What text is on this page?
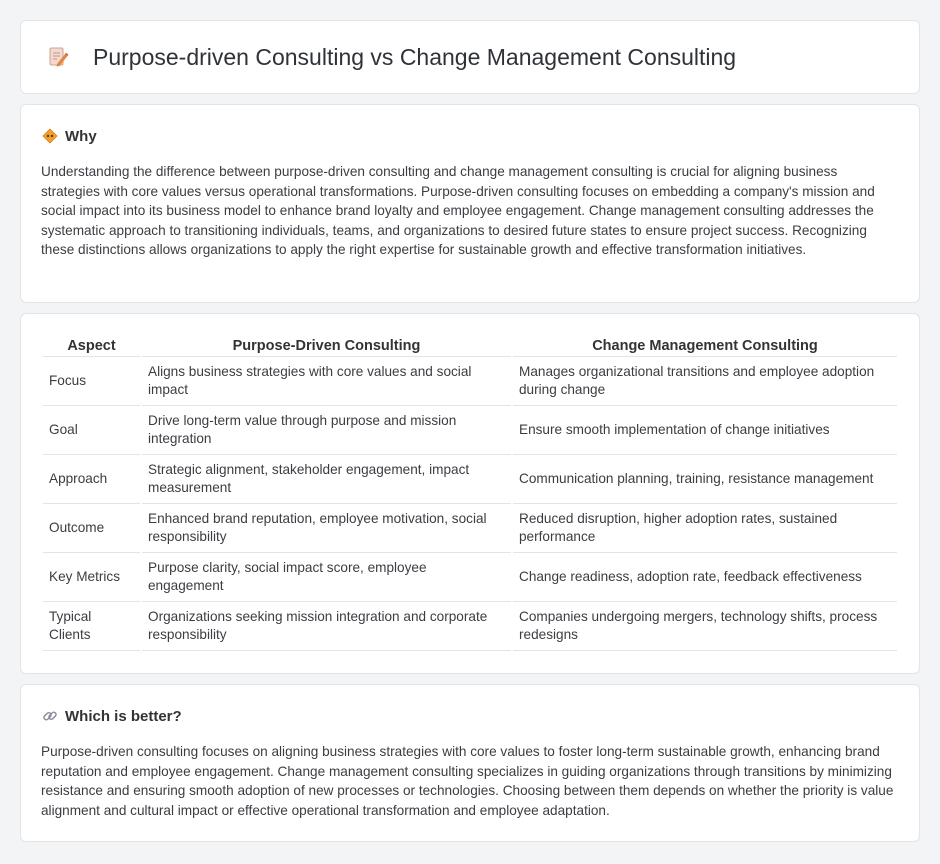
Purpose-driven Consulting vs Change Management Consulting
Why

Understanding the difference between purpose-driven consulting and change management consulting is crucial for aligning business strategies with core values versus operational transformations. Purpose-driven consulting focuses on embedding a company's mission and social impact into its business model to enhance brand loyalty and employee engagement. Change management consulting addresses the systematic approach to transitioning individuals, teams, and organizations to desired future states to ensure project success. Recognizing these distinctions allows organizations to apply the right expertise for sustainable growth and effective transformation initiatives.

Aspect	Purpose-Driven Consulting	Change Management Consulting
Focus	Aligns business strategies with core values and social impact	Manages organizational transitions and employee adoption during change
Goal	Drive long-term value through purpose and mission integration	Ensure smooth implementation of change initiatives
Approach	Strategic alignment, stakeholder engagement, impact measurement	Communication planning, training, resistance management
Outcome	Enhanced brand reputation, employee motivation, social responsibility	Reduced disruption, higher adoption rates, sustained performance
Key Metrics	Purpose clarity, social impact score, employee engagement	Change readiness, adoption rate, feedback effectiveness
Typical Clients	Organizations seeking mission integration and corporate responsibility	Companies undergoing mergers, technology shifts, process redesigns
Which is better?

Purpose-driven consulting focuses on aligning business strategies with core values to foster long-term sustainable growth, enhancing brand reputation and employee engagement. Change management consulting specializes in guiding organizations through transitions by minimizing resistance and ensuring smooth adoption of new processes or technologies. Choosing between them depends on whether the priority is value alignment and cultural impact or effective operational transformation and employee adaptation.
